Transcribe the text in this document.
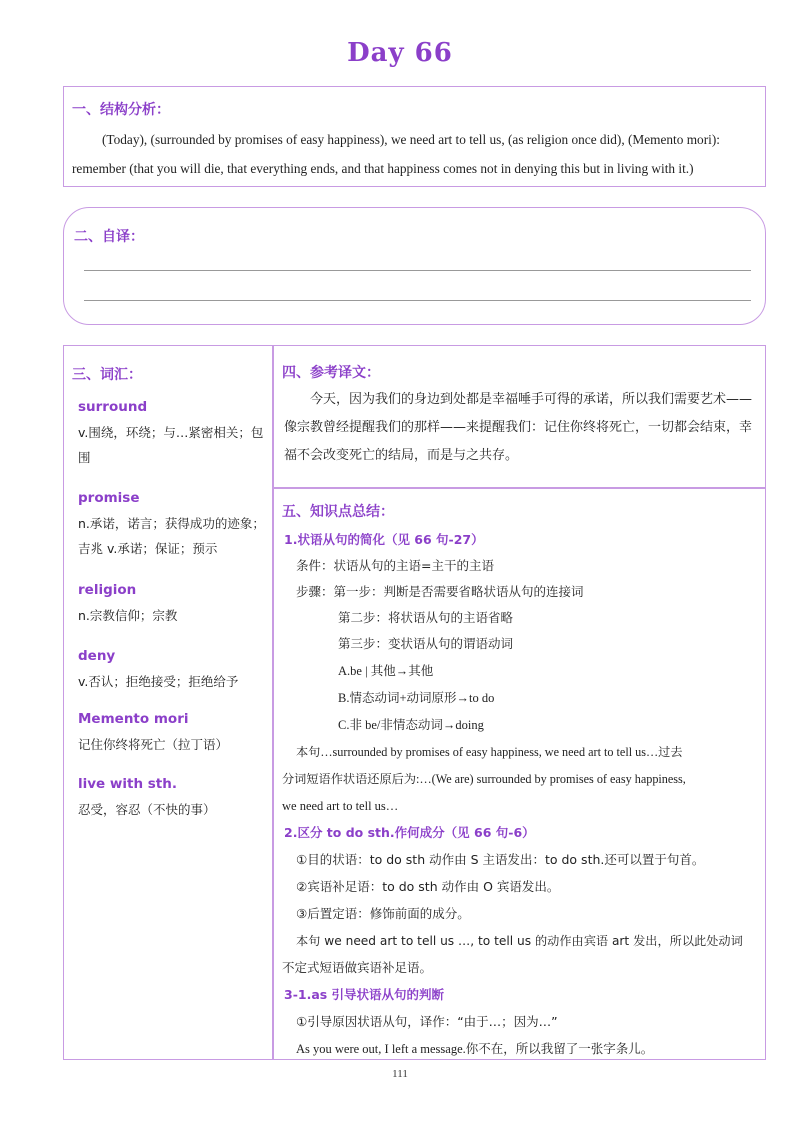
Day 66
一、结构分析：
(Today), (surrounded by promises of easy happiness), we need art to tell us, (as religion once did), (Memento mori): remember (that you will die, that everything ends, and that happiness comes not in denying this but in living with it.)
二、自译：
三、词汇：
surround
v.围绕，环绕；与…紧密相关；包围
promise
n.承诺，诺言；获得成功的迹象；吉兆 v.承诺；保证；预示
religion
n.宗教信仰；宗教
deny
v.否认；拒绝接受；拒绝给予
Memento mori
记住你终将死亡（拉丁语）
live with sth.
忍受，容忍（不快的事）
四、参考译文：
今天，因为我们的身边到处都是幸福唾手可得的承诺，所以我们需要艺术——像宗教曾经提醒我们的那样——来提醒我们：记住你终将死亡，一切都会结束，幸福不会改变死亡的结局，而是与之共存。
五、知识点总结：
1.状语从句的简化（见 66 句-27）
条件：状语从句的主语=主干的主语
步骤：第一步：判断是否需要省略状语从句的连接词
第二步：将状语从句的主语省略
第三步：变状语从句的谓语动词
A.be | 其他→其他
B.情态动词+动词原形→to do
C.非 be/非情态动词→doing
本句…surrounded by promises of easy happiness, we need art to tell us…过去
分词短语作状语还原后为:…(We are) surrounded by promises of easy happiness,
we need art to tell us…
2.区分 to do sth.作何成分（见 66 句-6）
①目的状语：to do sth 动作由 S 主语发出：to do sth.还可以置于句首。
②宾语补足语：to do sth 动作由 O 宾语发出。
③后置定语：修饰前面的成分。
本句 we need art to tell us …, to tell us 的动作由宾语 art 发出，所以此处动词
不定式短语做宾语补足语。
3-1.as 引导状语从句的判断
①引导原因状语从句，译作：“由于…；因为…”
As you were out, I left a message.你不在，所以我留了一张字条儿。
111
